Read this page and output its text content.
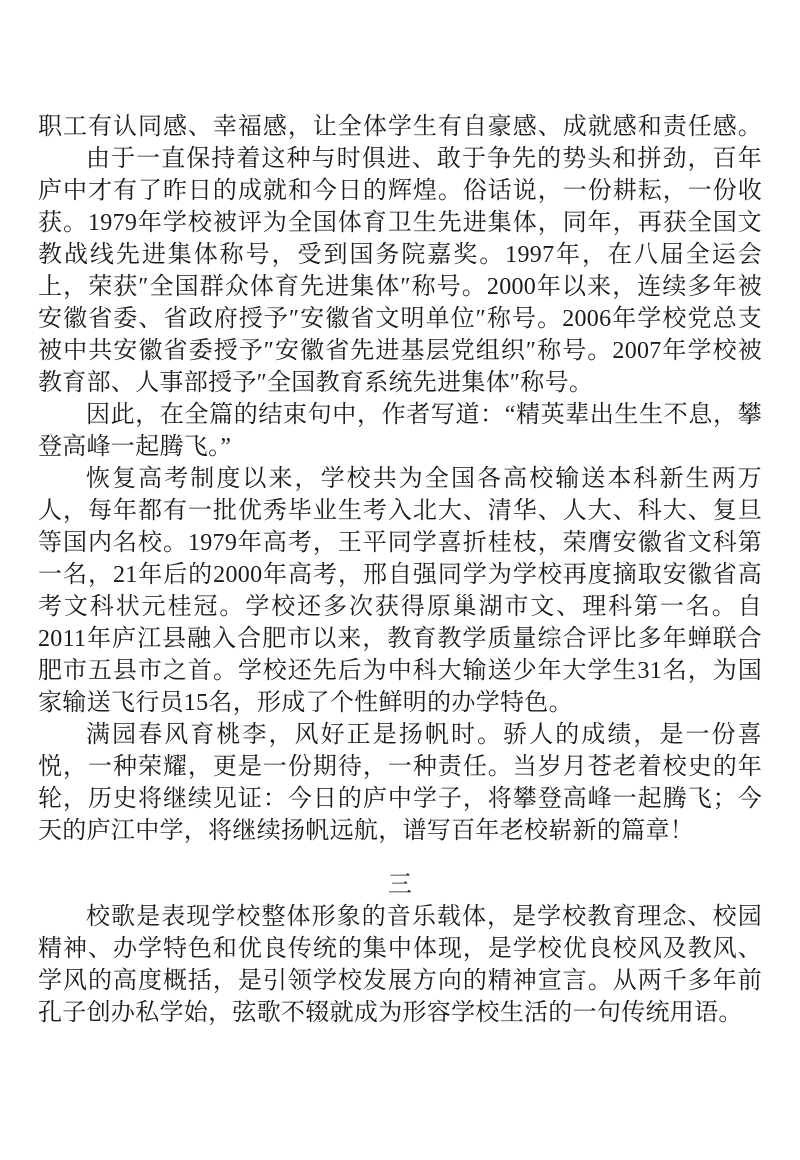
职工有认同感、幸福感，让全体学生有自豪感、成就感和责任感。

由于一直保持着这种与时俱进、敢于争先的势头和拼劲，百年庐中才有了昨日的成就和今日的辉煌。俗话说，一份耕耘，一份收获。1979年学校被评为全国体育卫生先进集体，同年，再获全国文教战线先进集体称号，受到国务院嘉奖。1997年，在八届全运会上，荣获″全国群众体育先进集体″称号。2000年以来，连续多年被安徽省委、省政府授予″安徽省文明单位″称号。2006年学校党总支被中共安徽省委授予″安徽省先进基层党组织″称号。2007年学校被教育部、人事部授予″全国教育系统先进集体″称号。

因此，在全篇的结束句中，作者写道：“精英辈出生生不息，攀登高峰一起腾飞。”

恢复高考制度以来，学校共为全国各高校输送本科新生两万人，每年都有一批优秀毕业生考入北大、清华、人大、科大、复旦等国内名校。1979年高考，王平同学喜折桂枝，荣膺安徽省文科第一名，21年后的2000年高考，邢自强同学为学校再度摘取安徽省高考文科状元桂冠。学校还多次获得原巢湖市文、理科第一名。自2011年庐江县融入合肥市以来，教育教学质量综合评比多年蝉联合肥市五县市之首。学校还先后为中科大输送少年大学生31名，为国家输送飞行员15名，形成了个性鲜明的办学特色。

满园春风育桃李，风好正是扬帆时。骄人的成绩，是一份喜悦，一种荣耀，更是一份期待，一种责任。当岁月苍老着校史的年轮，历史将继续见证：今日的庐中学子，将攀登高峰一起腾飞；今天的庐江中学，将继续扬帆远航，谱写百年老校崭新的篇章！

三

校歌是表现学校整体形象的音乐载体，是学校教育理念、校园精神、办学特色和优良传统的集中体现，是学校优良校风及教风、学风的高度概括，是引领学校发展方向的精神宣言。从两千多年前孔子创办私学始，弦歌不辍就成为形容学校生活的一句传统用语。
